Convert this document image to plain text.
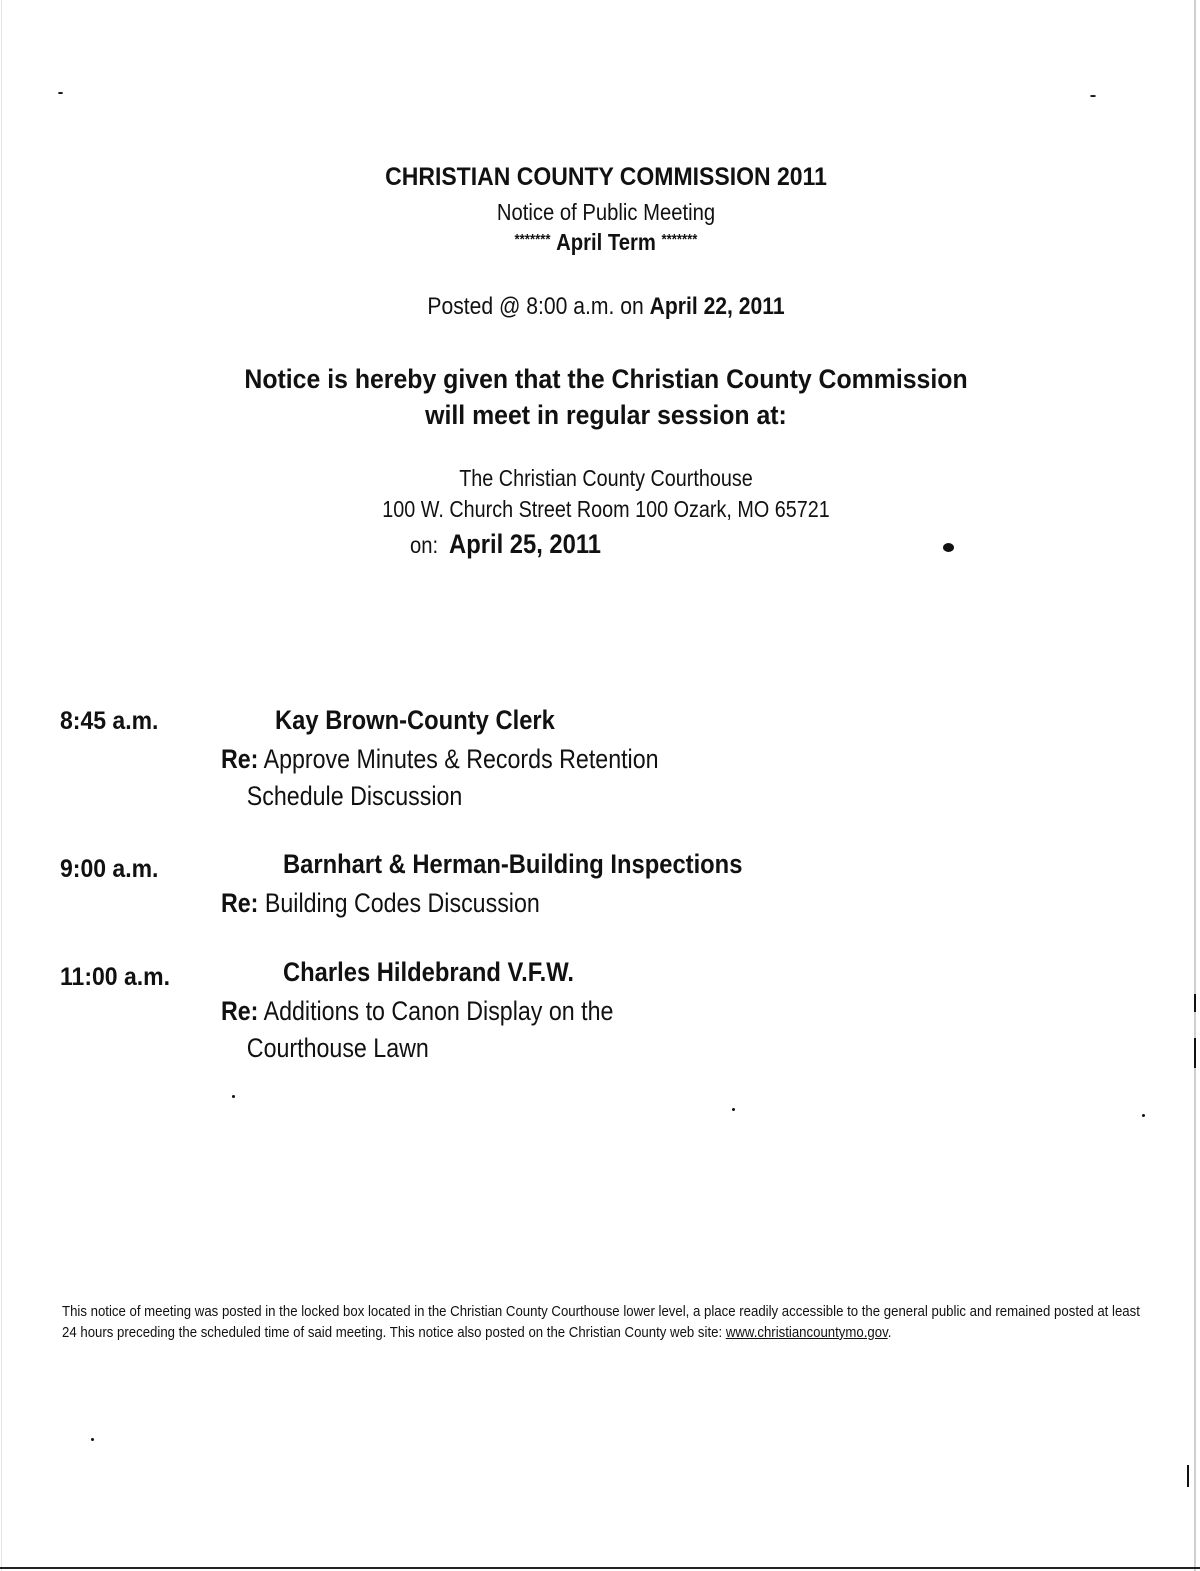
CHRISTIAN COUNTY COMMISSION 2011
Notice of Public Meeting
******* April Term *******
Posted @ 8:00 a.m. on April 22, 2011
Notice is hereby given that the Christian County Commission
will meet in regular session at:
The Christian County Courthouse
100 W. Church Street Room 100 Ozark, MO 65721
on: April 25, 2011
8:45 a.m.	Kay Brown-County Clerk
Re: Approve Minutes & Records Retention
Schedule Discussion
9:00 a.m.	Barnhart & Herman-Building Inspections
Re: Building Codes Discussion
11:00 a.m.	Charles Hildebrand V.F.W.
Re: Additions to Canon Display on the
Courthouse Lawn
This notice of meeting was posted in the locked box located in the Christian County Courthouse lower level, a place readily accessible to the general public and remained posted at least 24 hours preceding the scheduled time of said meeting. This notice also posted on the Christian County web site: www.christiancountymo.gov.
